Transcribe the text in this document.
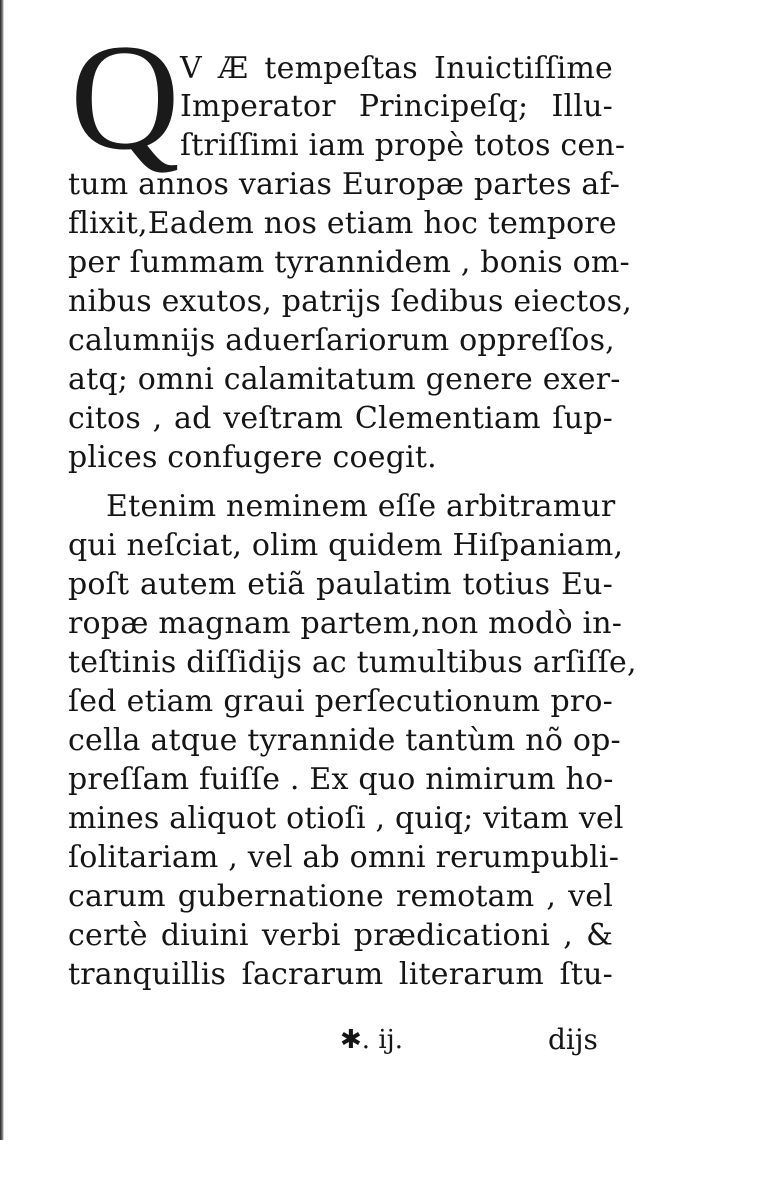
Q V Æ tempeſtas Inuictiſſime
Imperator Principeſq; Illu-
ſtriſſimi iam propè totos cen-
tum annos varias Europæ partes af-
flixit,Eadem nos etiam hoc tempore
per ſummam tyrannidem , bonis om-
nibus exutos, patrijs ſedibus eiectos,
calumnijs aduerſariorum oppreſſos,
atq; omni calamitatum genere exer-
citos , ad veſtram Clementiam ſup-
plices confugere coegit.
Etenim neminem eſſe arbitramur
qui neſciat, olim quidem Hiſpaniam,
poſt autem etiã paulatim totius Eu-
ropæ magnam partem,non modò in-
teſtinis diſſidijs ac tumultibus arſiſſe,
ſed etiam graui perſecutionum pro-
cella atque tyrannide tantùm nõ op-
preſſam fuiſſe . Ex quo nimirum ho-
mines aliquot otioſi , quiq; vitam vel
ſolitariam , vel ab omni rerumpubli-
carum gubernatione remotam , vel
certè diuini verbi prædicationi , &
tranquillis ſacrarum literarum ſtu-
✱. ij.	dijs
